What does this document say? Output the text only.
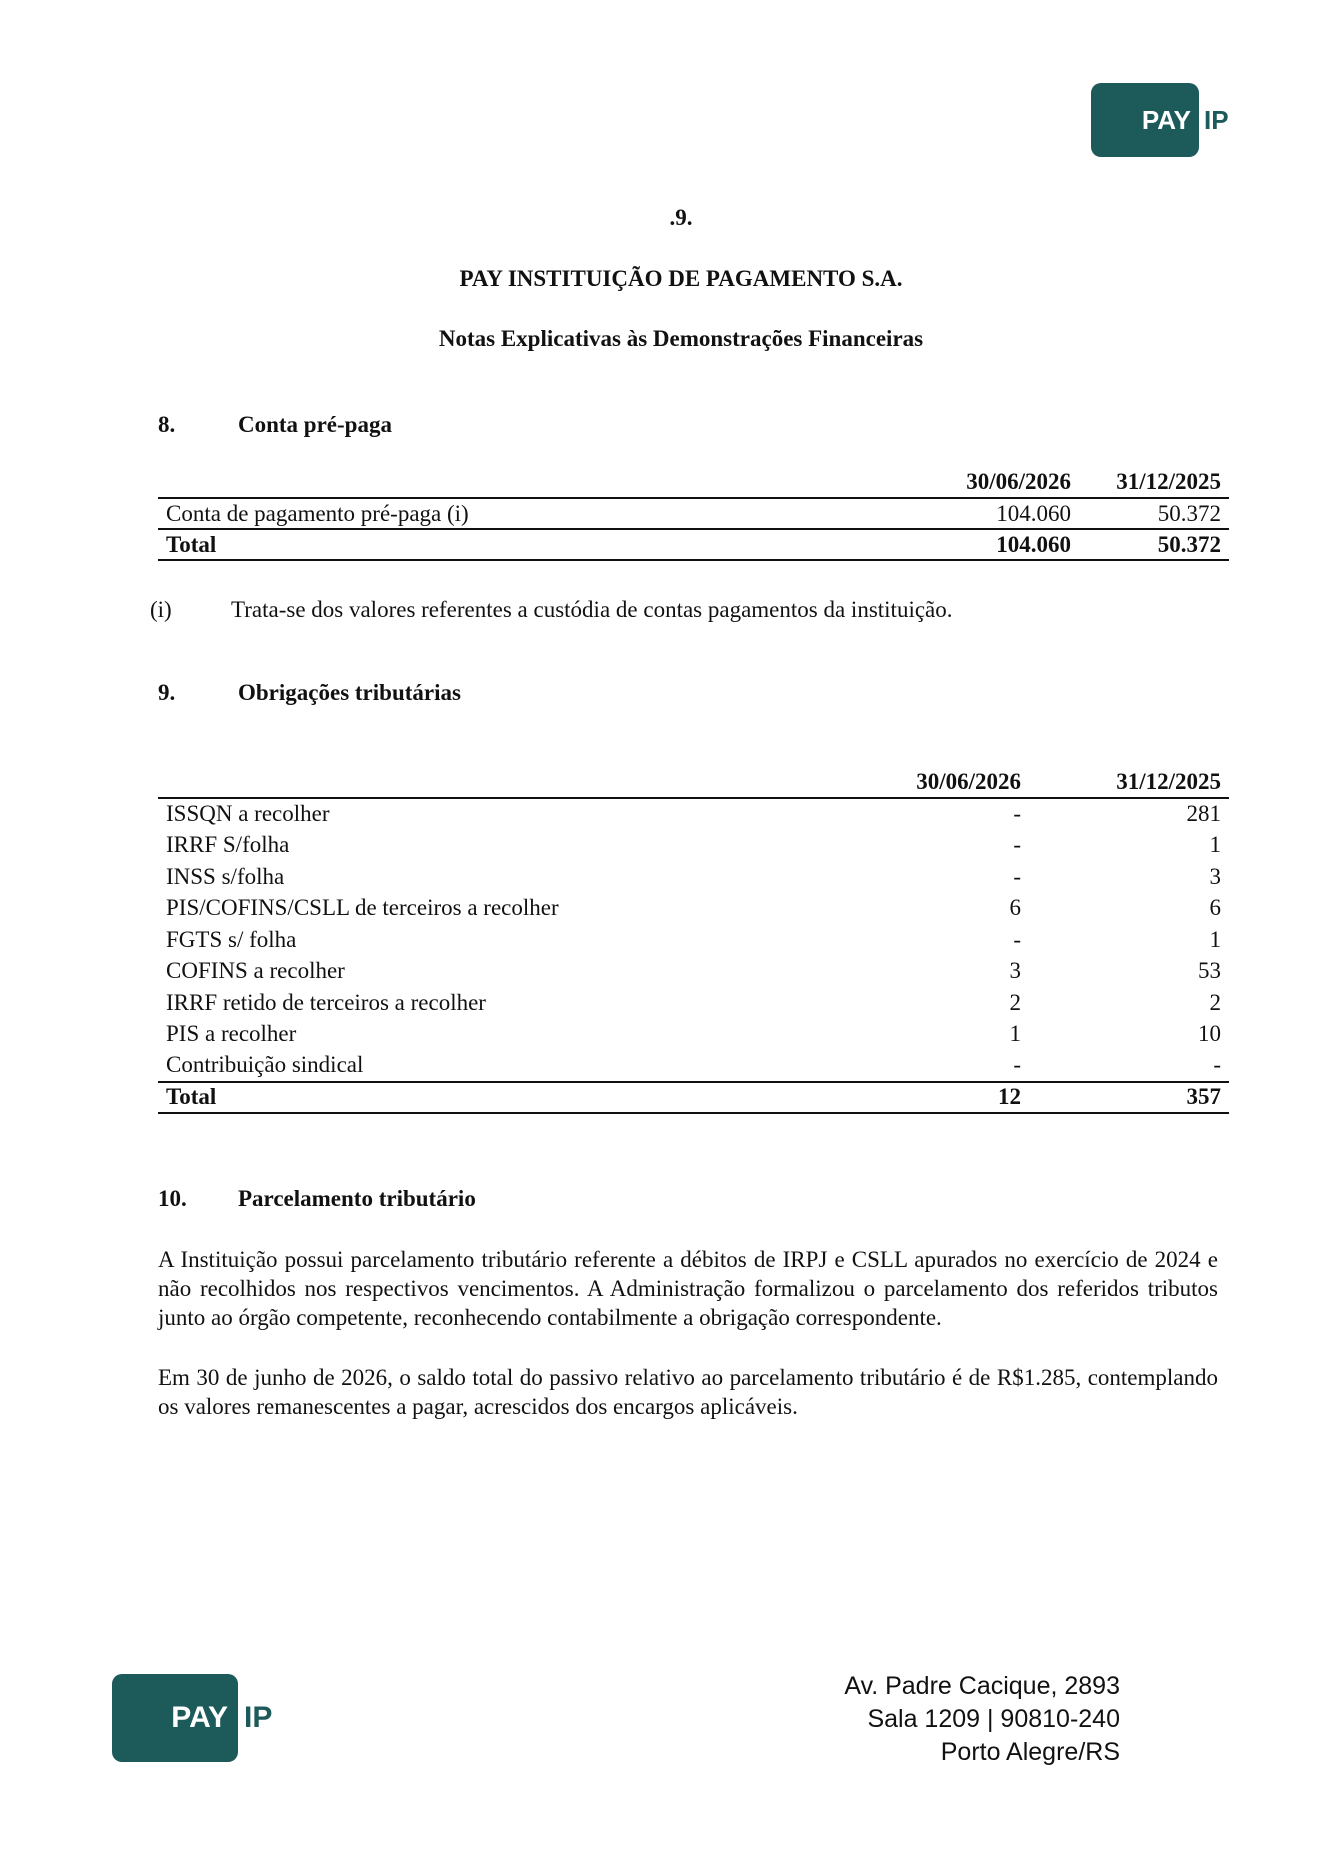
PAY IP
.9.
PAY INSTITUIÇÃO DE PAGAMENTO S.A.
Notas Explicativas às Demonstrações Financeiras
8.	Conta pré-paga
	30/06/2026	31/12/2025
Conta de pagamento pré-paga (i)	104.060	50.372
Total	104.060	50.372
(i)	Trata-se dos valores referentes a custódia de contas pagamentos da instituição.
9.	Obrigações tributárias
	30/06/2026	31/12/2025
ISSQN a recolher	-	281
IRRF S/folha	-	1
INSS s/folha	-	3
PIS/COFINS/CSLL de terceiros a recolher	6	6
FGTS s/ folha	-	1
COFINS a recolher	3	53
IRRF retido de terceiros a recolher	2	2
PIS a recolher	1	10
Contribuição sindical	-	-
Total	12	357
10.	Parcelamento tributário

A Instituição possui parcelamento tributário referente a débitos de IRPJ e CSLL apurados no exercício de 2024 e não recolhidos nos respectivos vencimentos. A Administração formalizou o parcelamento dos referidos tributos junto ao órgão competente, reconhecendo contabilmente a obrigação correspondente.

Em 30 de junho de 2026, o saldo total do passivo relativo ao parcelamento tributário é de R$1.285, contemplando os valores remanescentes a pagar, acrescidos dos encargos aplicáveis.

PAY IP
Av. Padre Cacique, 2893
Sala 1209 | 90810-240
Porto Alegre/RS
